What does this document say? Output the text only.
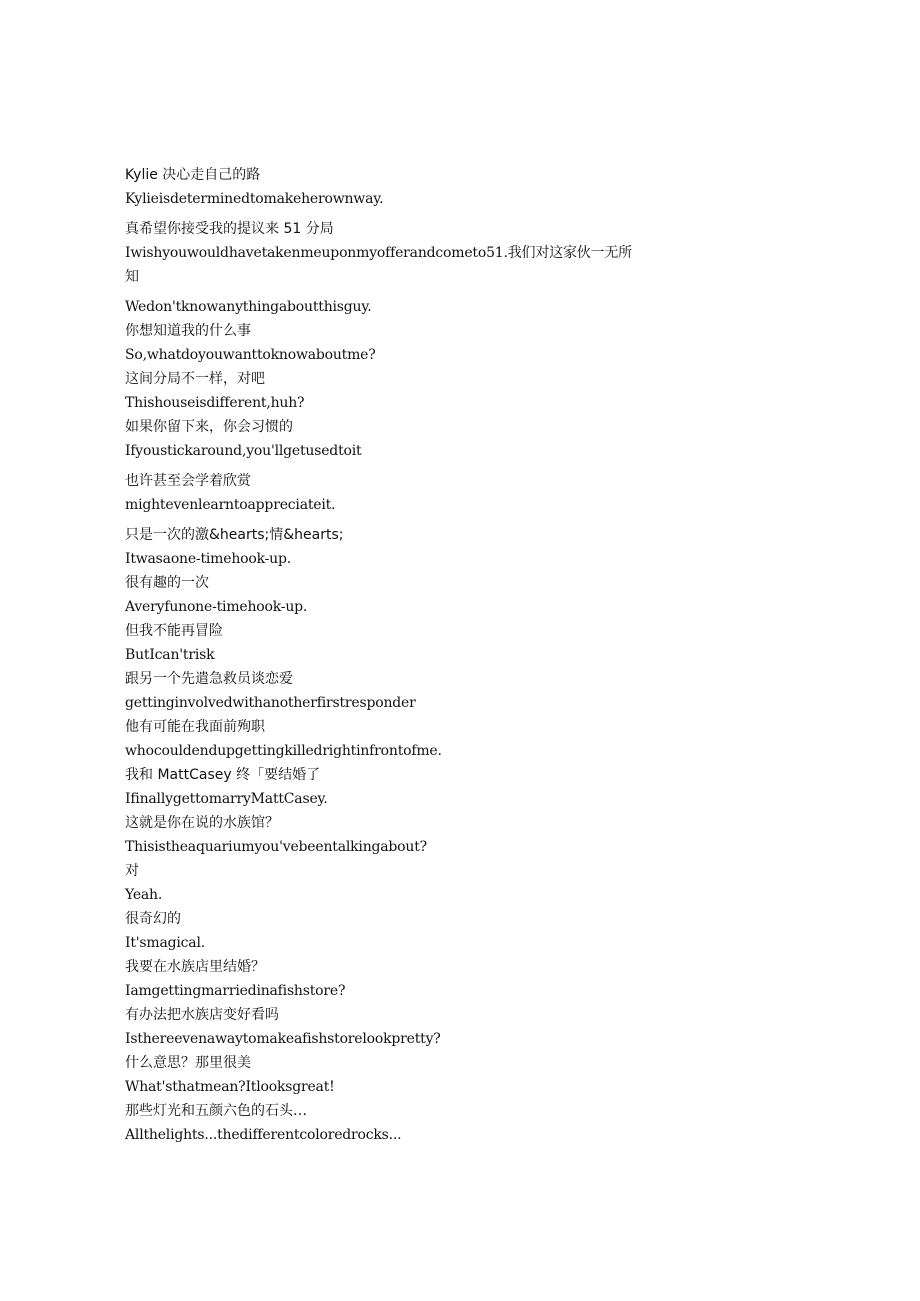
Kylie 决心走自己的路
Kylieisdeterminedtomakeherownway.
真希望你接受我的提议来 51 分局
Iwishyouwouldhavetakenmeuponmyofferandcometo51.我们对这家伙一无所知
Wedon'tknowanythingaboutthisguy.
你想知道我的什么事
So,whatdoyouwanttoknowaboutme?
这间分局不一样，对吧
Thishouseisdifferent,huh?
如果你留下来，你会习惯的
Ifyoustickaround,you'llgetusedtoit
也许甚至会学着欣赏
mightevenlearntoappreciateit.
只是一次的激&hearts;情&hearts;
Itwasaone-timehook-up.
很有趣的一次
Averyfunone-timehook-up.
但我不能再冒险
ButIcan'trisk
跟另一个先遣急救员谈恋爱
gettinginvolvedwithanotherfirstresponder
他有可能在我面前殉职
whocouldendupgettingkilledrightinfrontofme.
我和 MattCasey 终「要结婚了
IfinallygettomarryMattCasey.
这就是你在说的水族馆？
Thisistheaquariumyou'vebeentalkingabout?
对
Yeah.
很奇幻的
It'smagical.
我要在水族店里结婚？
Iamgettingmarriedinafishstore?
有办法把水族店变好看吗
Isthereevenawaytomakeafishstorelookpretty?
什么意思？那里很美
What'sthatmean?Itlooksgreat!
那些灯光和五颜六色的石头…
Allthelights...thedifferentcoloredrocks...
